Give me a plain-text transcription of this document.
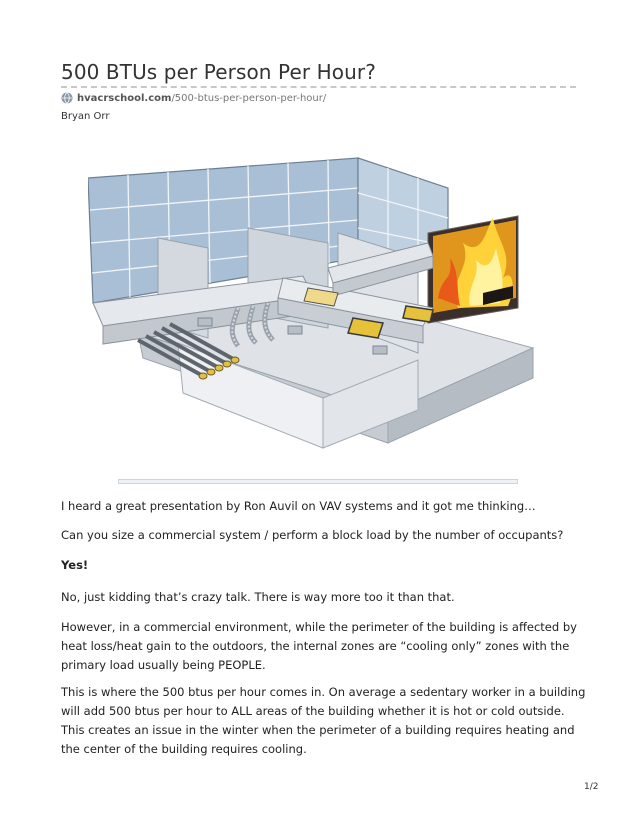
500 BTUs per Person Per Hour?
hvacrschool.com /500-btus-per-person-per-hour/
Bryan Orr

I heard a great presentation by Ron Auvil on VAV systems and it got me thinking…

Can you size a commercial system / perform a block load by the number of occupants?

Yes!

No, just kidding that’s crazy talk. There is way more too it than that.

However, in a commercial environment, while the perimeter of the building is affected by heat loss/heat gain to the outdoors, the internal zones are “cooling only” zones with the primary load usually being PEOPLE.

This is where the 500 btus per hour comes in. On average a sedentary worker in a building will add 500 btus per hour to ALL areas of the building whether it is hot or cold outside. This creates an issue in the winter when the perimeter of a building requires heating and the center of the building requires cooling.

1/2
